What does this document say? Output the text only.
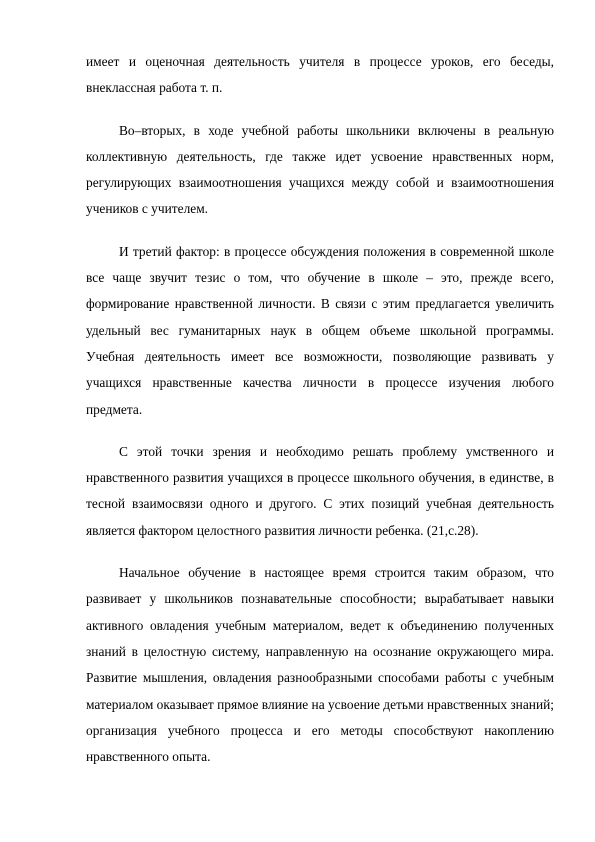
имеет и оценочная деятельность учителя в процессе уроков, его беседы, внеклассная работа т. п.

Во–вторых, в ходе учебной работы школьники включены в реальную коллективную деятельность, где также идет усвоение нравственных норм, регулирующих взаимоотношения учащихся между собой и взаимоотношения учеников с учителем.

И третий фактор: в процессе обсуждения положения в современной школе все чаще звучит тезис о том, что обучение в школе – это, прежде всего, формирование нравственной личности. В связи с этим предлагается увеличить удельный вес гуманитарных наук в общем объеме школьной программы. Учебная деятельность имеет все возможности, позволяющие развивать у учащихся нравственные качества личности в процессе изучения любого предмета.

С этой точки зрения и необходимо решать проблему умственного и нравственного развития учащихся в процессе школьного обучения, в единстве, в тесной взаимосвязи одного и другого. С этих позиций учебная деятельность является фактором целостного развития личности ребенка. (21,с.28).

Начальное обучение в настоящее время строится таким образом, что развивает у школьников познавательные способности; вырабатывает навыки активного овладения учебным материалом, ведет к объединению полученных знаний в целостную систему, направленную на осознание окружающего мира. Развитие мышления, овладения разнообразными способами работы с учебным материалом оказывает прямое влияние на усвоение детьми нравственных знаний; организация учебного процесса и его методы способствуют накоплению нравственного опыта.
